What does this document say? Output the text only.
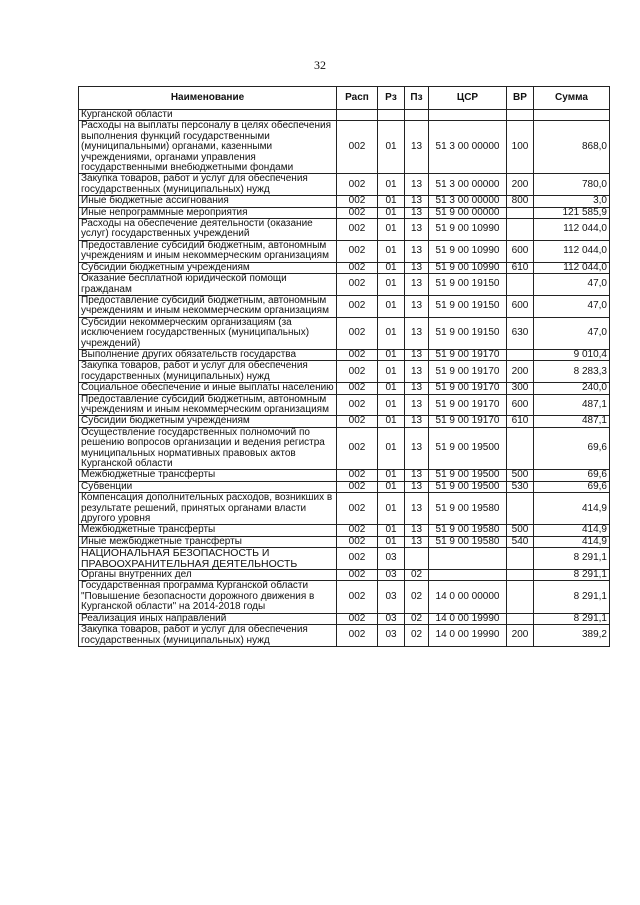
32
Наименование	Расп	Рз	Пз	ЦСР	ВР	Сумма
Курганской области						
Расходы на выплаты персоналу в целях обеспечения выполнения функций государственными (муниципальными) органами, казенными учреждениями, органами управления государственными внебюджетными фондами	002	01	13	51 3 00 00000	100	868,0
Закупка товаров, работ и услуг для обеспечения государственных (муниципальных) нужд	002	01	13	51 3 00 00000	200	780,0
Иные бюджетные ассигнования	002	01	13	51 3 00 00000	800	3,0
Иные непрограммные мероприятия	002	01	13	51 9 00 00000		121 585,9
Расходы на обеспечение деятельности (оказание услуг) государственных учреждений	002	01	13	51 9 00 10990		112 044,0
Предоставление субсидий бюджетным, автономным учреждениям и иным некоммерческим организациям	002	01	13	51 9 00 10990	600	112 044,0
Субсидии бюджетным учреждениям	002	01	13	51 9 00 10990	610	112 044,0
Оказание бесплатной юридической помощи гражданам	002	01	13	51 9 00 19150		47,0
Предоставление субсидий бюджетным, автономным учреждениям и иным некоммерческим организациям	002	01	13	51 9 00 19150	600	47,0
Субсидии некоммерческим организациям (за исключением государственных (муниципальных) учреждений)	002	01	13	51 9 00 19150	630	47,0
Выполнение других обязательств государства	002	01	13	51 9 00 19170		9 010,4
Закупка товаров, работ и услуг для обеспечения государственных (муниципальных) нужд	002	01	13	51 9 00 19170	200	8 283,3
Социальное обеспечение и иные выплаты населению	002	01	13	51 9 00 19170	300	240,0
Предоставление субсидий бюджетным, автономным учреждениям и иным некоммерческим организациям	002	01	13	51 9 00 19170	600	487,1
Субсидии бюджетным учреждениям	002	01	13	51 9 00 19170	610	487,1
Осуществление государственных полномочий по решению вопросов организации и ведения регистра муниципальных нормативных правовых актов Курганской области	002	01	13	51 9 00 19500		69,6
Межбюджетные трансферты	002	01	13	51 9 00 19500	500	69,6
Субвенции	002	01	13	51 9 00 19500	530	69,6
Компенсация дополнительных расходов, возникших в результате решений, принятых органами власти другого уровня	002	01	13	51 9 00 19580		414,9
Межбюджетные трансферты	002	01	13	51 9 00 19580	500	414,9
Иные межбюджетные трансферты	002	01	13	51 9 00 19580	540	414,9
НАЦИОНАЛЬНАЯ БЕЗОПАСНОСТЬ И ПРАВООХРАНИТЕЛЬНАЯ ДЕЯТЕЛЬНОСТЬ	002	03				8 291,1
Органы внутренних дел	002	03	02			8 291,1
Государственная программа Курганской области "Повышение безопасности дорожного движения в Курганской области" на 2014-2018 годы	002	03	02	14 0 00 00000		8 291,1
Реализация иных направлений	002	03	02	14 0 00 19990		8 291,1
Закупка товаров, работ и услуг для обеспечения государственных (муниципальных) нужд	002	03	02	14 0 00 19990	200	389,2
